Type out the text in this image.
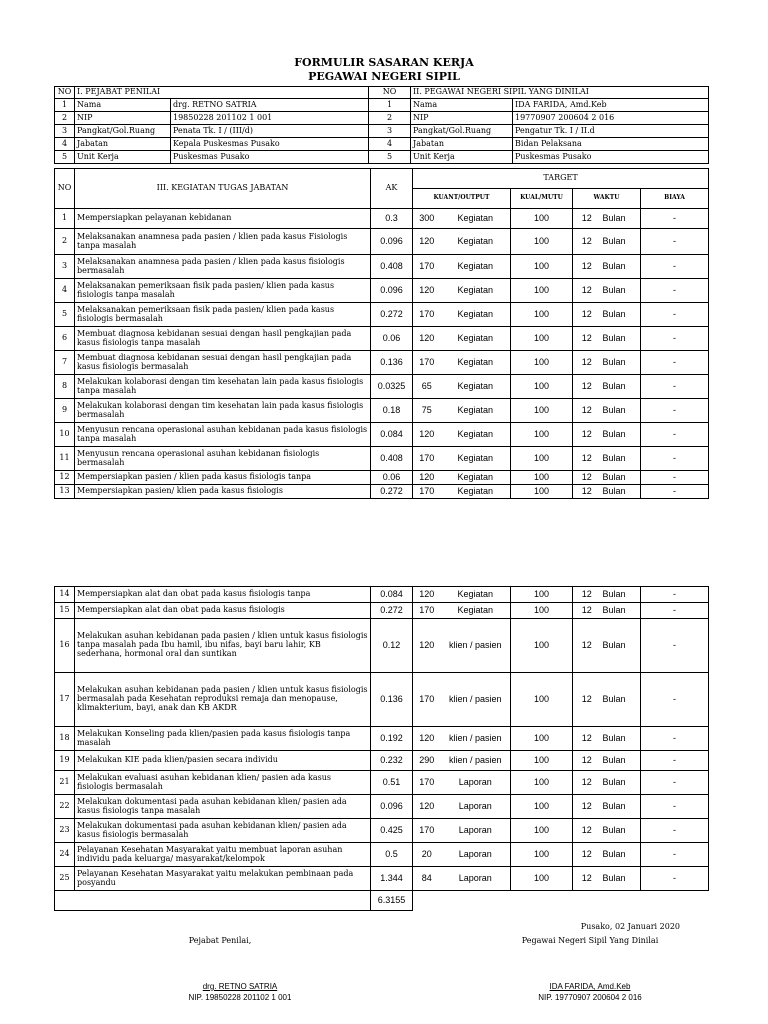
FORMULIR SASARAN KERJA
PEGAWAI NEGERI SIPIL
NO	I. PEJABAT PENILAI		NO	II. PEGAWAI NEGERI SIPIL YANG DINILAI	
1	Nama	drg. RETNO SATRIA	1	Nama	IDA FARIDA, Amd.Keb
2	NIP	19850228 201102 1 001	2	NIP	19770907 200604 2 016
3	Pangkat/Gol.Ruang	Penata Tk. I / (III/d)	3	Pangkat/Gol.Ruang	Pengatur Tk. I / II.d
4	Jabatan	Kepala Puskesmas Pusako	4	Jabatan	Bidan Pelaksana
5	Unit Kerja	Puskesmas Pusako	5	Unit Kerja	Puskesmas Pusako
NO	III. KEGIATAN TUGAS JABATAN	AK	TARGET					
			KUANT/OUTPUT		KUAL/MUTU	WAKTU		BIAYA
1	Mempersiapkan pelayanan kebidanan	0.3	300	Kegiatan	100	12	Bulan	-
2	Melaksanakan anamnesa pada pasien / klien pada kasus Fisiologis tanpa masalah	0.096	120	Kegiatan	100	12	Bulan	-
3	Melaksanakan anamnesa pada pasien / klien pada kasus fisiologis bermasalah	0.408	170	Kegiatan	100	12	Bulan	-
4	Melaksanakan pemeriksaan fisik pada pasien/ klien pada kasus fisiologis tanpa masalah	0.096	120	Kegiatan	100	12	Bulan	-
5	Melaksanakan pemeriksaan fisik pada pasien/ klien pada kasus fisiologis bermasalah	0.272	170	Kegiatan	100	12	Bulan	-
6	Membuat diagnosa kebidanan sesuai dengan hasil pengkajian pada kasus fisiologis tanpa masalah	0.06	120	Kegiatan	100	12	Bulan	-
7	Membuat diagnosa kebidanan sesuai dengan hasil pengkajian pada kasus fisiologis bermasalah	0.136	170	Kegiatan	100	12	Bulan	-
8	Melakukan kolaborasi dengan tim kesehatan lain pada kasus fisiologis tanpa masalah	0.0325	65	Kegiatan	100	12	Bulan	-
9	Melakukan kolaborasi dengan tim kesehatan lain pada kasus fisiologis bermasalah	0.18	75	Kegiatan	100	12	Bulan	-
10	Menyusun rencana operasional asuhan kebidanan pada kasus fisiologis tanpa masalah	0.084	120	Kegiatan	100	12	Bulan	-
11	Menyusun rencana operasional asuhan kebidanan fisiologis bermasalah	0.408	170	Kegiatan	100	12	Bulan	-
12	Mempersiapkan pasien / klien pada kasus fisiologis tanpa	0.06	120	Kegiatan	100	12	Bulan	-
13	Mempersiapkan pasien/ klien pada kasus fisiologis	0.272	170	Kegiatan	100	12	Bulan	-
14	Mempersiapkan alat dan obat pada kasus fisiologis tanpa	0.084	120	Kegiatan	100	12	Bulan	-
15	Mempersiapkan alat dan obat pada kasus fisiologis	0.272	170	Kegiatan	100	12	Bulan	-
16	Melakukan asuhan kebidanan pada pasien / klien untuk kasus fisiologis tanpa masalah pada Ibu hamil, ibu nifas, bayi baru lahir, KB sederhana, hormonal oral dan suntikan	0.12	120	klien / pasien	100	12	Bulan	-
17	Melakukan asuhan kebidanan pada pasien / klien untuk kasus fisiologis bermasalah pada Kesehatan reproduksi remaja dan menopause, klimakterium, bayi, anak dan KB AKDR	0.136	170	klien / pasien	100	12	Bulan	-
18	Melakukan Konseling pada klien/pasien pada kasus fisiologis tanpa masalah	0.192	120	klien / pasien	100	12	Bulan	-
19	Melakukan KIE pada klien/pasien secara individu	0.232	290	klien / pasien	100	12	Bulan	-
21	Melakukan evaluasi asuhan kebidanan klien/ pasien ada kasus fisiologis bermasalah	0.51	170	Laporan	100	12	Bulan	-
22	Melakukan dokumentasi pada asuhan kebidanan klien/ pasien ada kasus fisiologis tanpa masalah	0.096	120	Laporan	100	12	Bulan	-
23	Melakukan dokumentasi pada asuhan kebidanan klien/ pasien ada kasus fisiologis bermasalah	0.425	170	Laporan	100	12	Bulan	-
24	Pelayanan Kesehatan Masyarakat yaitu membuat laporan asuhan individu pada keluarga/ masyarakat/kelompok	0.5	20	Laporan	100	12	Bulan	-
25	Pelayanan Kesehatan Masyarakat yaitu melakukan pembinaan pada posyandu	1.344	84	Laporan	100	12	Bulan	-
		6.3155						
Pusako, 02 Januari 2020
Pejabat Penilai,	Pegawai Negeri Sipil Yang Dinilai
drg. RETNO SATRIA
NIP. 19850228 201102 1 001
IDA FARIDA, Amd.Keb
NIP. 19770907 200604 2 016
